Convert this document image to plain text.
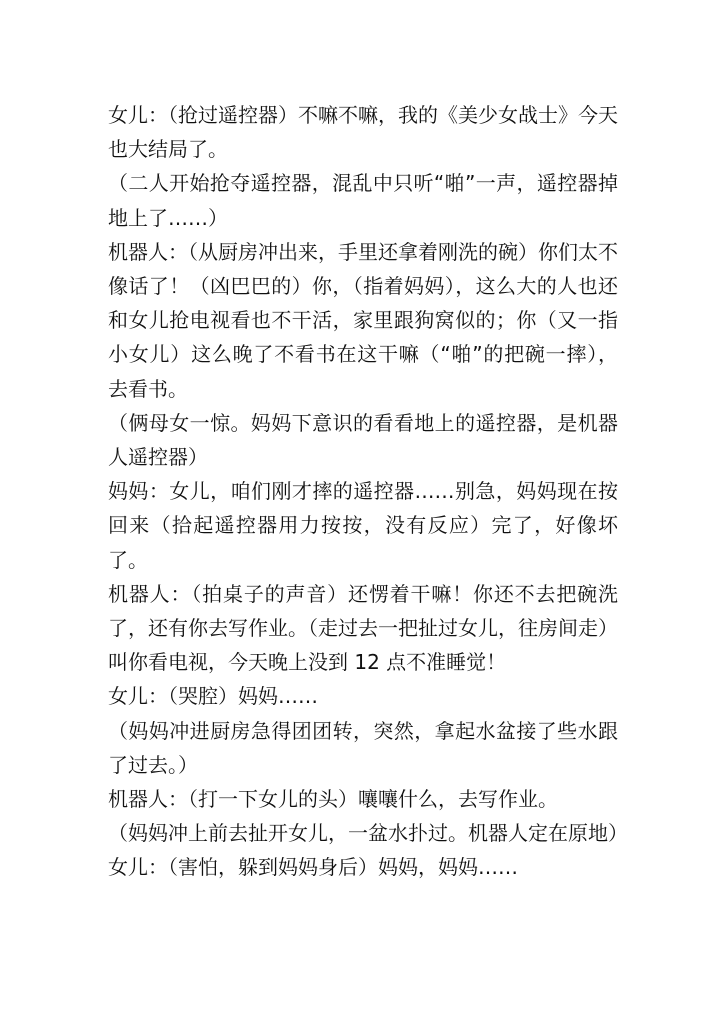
女儿：（抢过遥控器）不嘛不嘛，我的《美少女战士》今天也大结局了。

（二人开始抢夺遥控器，混乱中只听“啪”一声，遥控器掉地上了……）

机器人：（从厨房冲出来，手里还拿着刚洗的碗）你们太不像话了！（凶巴巴的）你，（指着妈妈），这么大的人也还和女儿抢电视看也不干活，家里跟狗窝似的；你（又一指小女儿）这么晚了不看书在这干嘛（“啪”的把碗一摔），去看书。

（俩母女一惊。妈妈下意识的看看地上的遥控器，是机器人遥控器）

妈妈：女儿，咱们刚才摔的遥控器……别急，妈妈现在按回来（拾起遥控器用力按按，没有反应）完了，好像坏了。

机器人：（拍桌子的声音）还愣着干嘛！你还不去把碗洗了，还有你去写作业。（走过去一把扯过女儿，往房间走）叫你看电视，今天晚上没到 12 点不准睡觉！

女儿：（哭腔）妈妈……

（妈妈冲进厨房急得团团转，突然，拿起水盆接了些水跟了过去。）

机器人：（打一下女儿的头）嚷嚷什么，去写作业。

（妈妈冲上前去扯开女儿，一盆水扑过。机器人定在原地）

女儿：（害怕，躲到妈妈身后）妈妈，妈妈……
